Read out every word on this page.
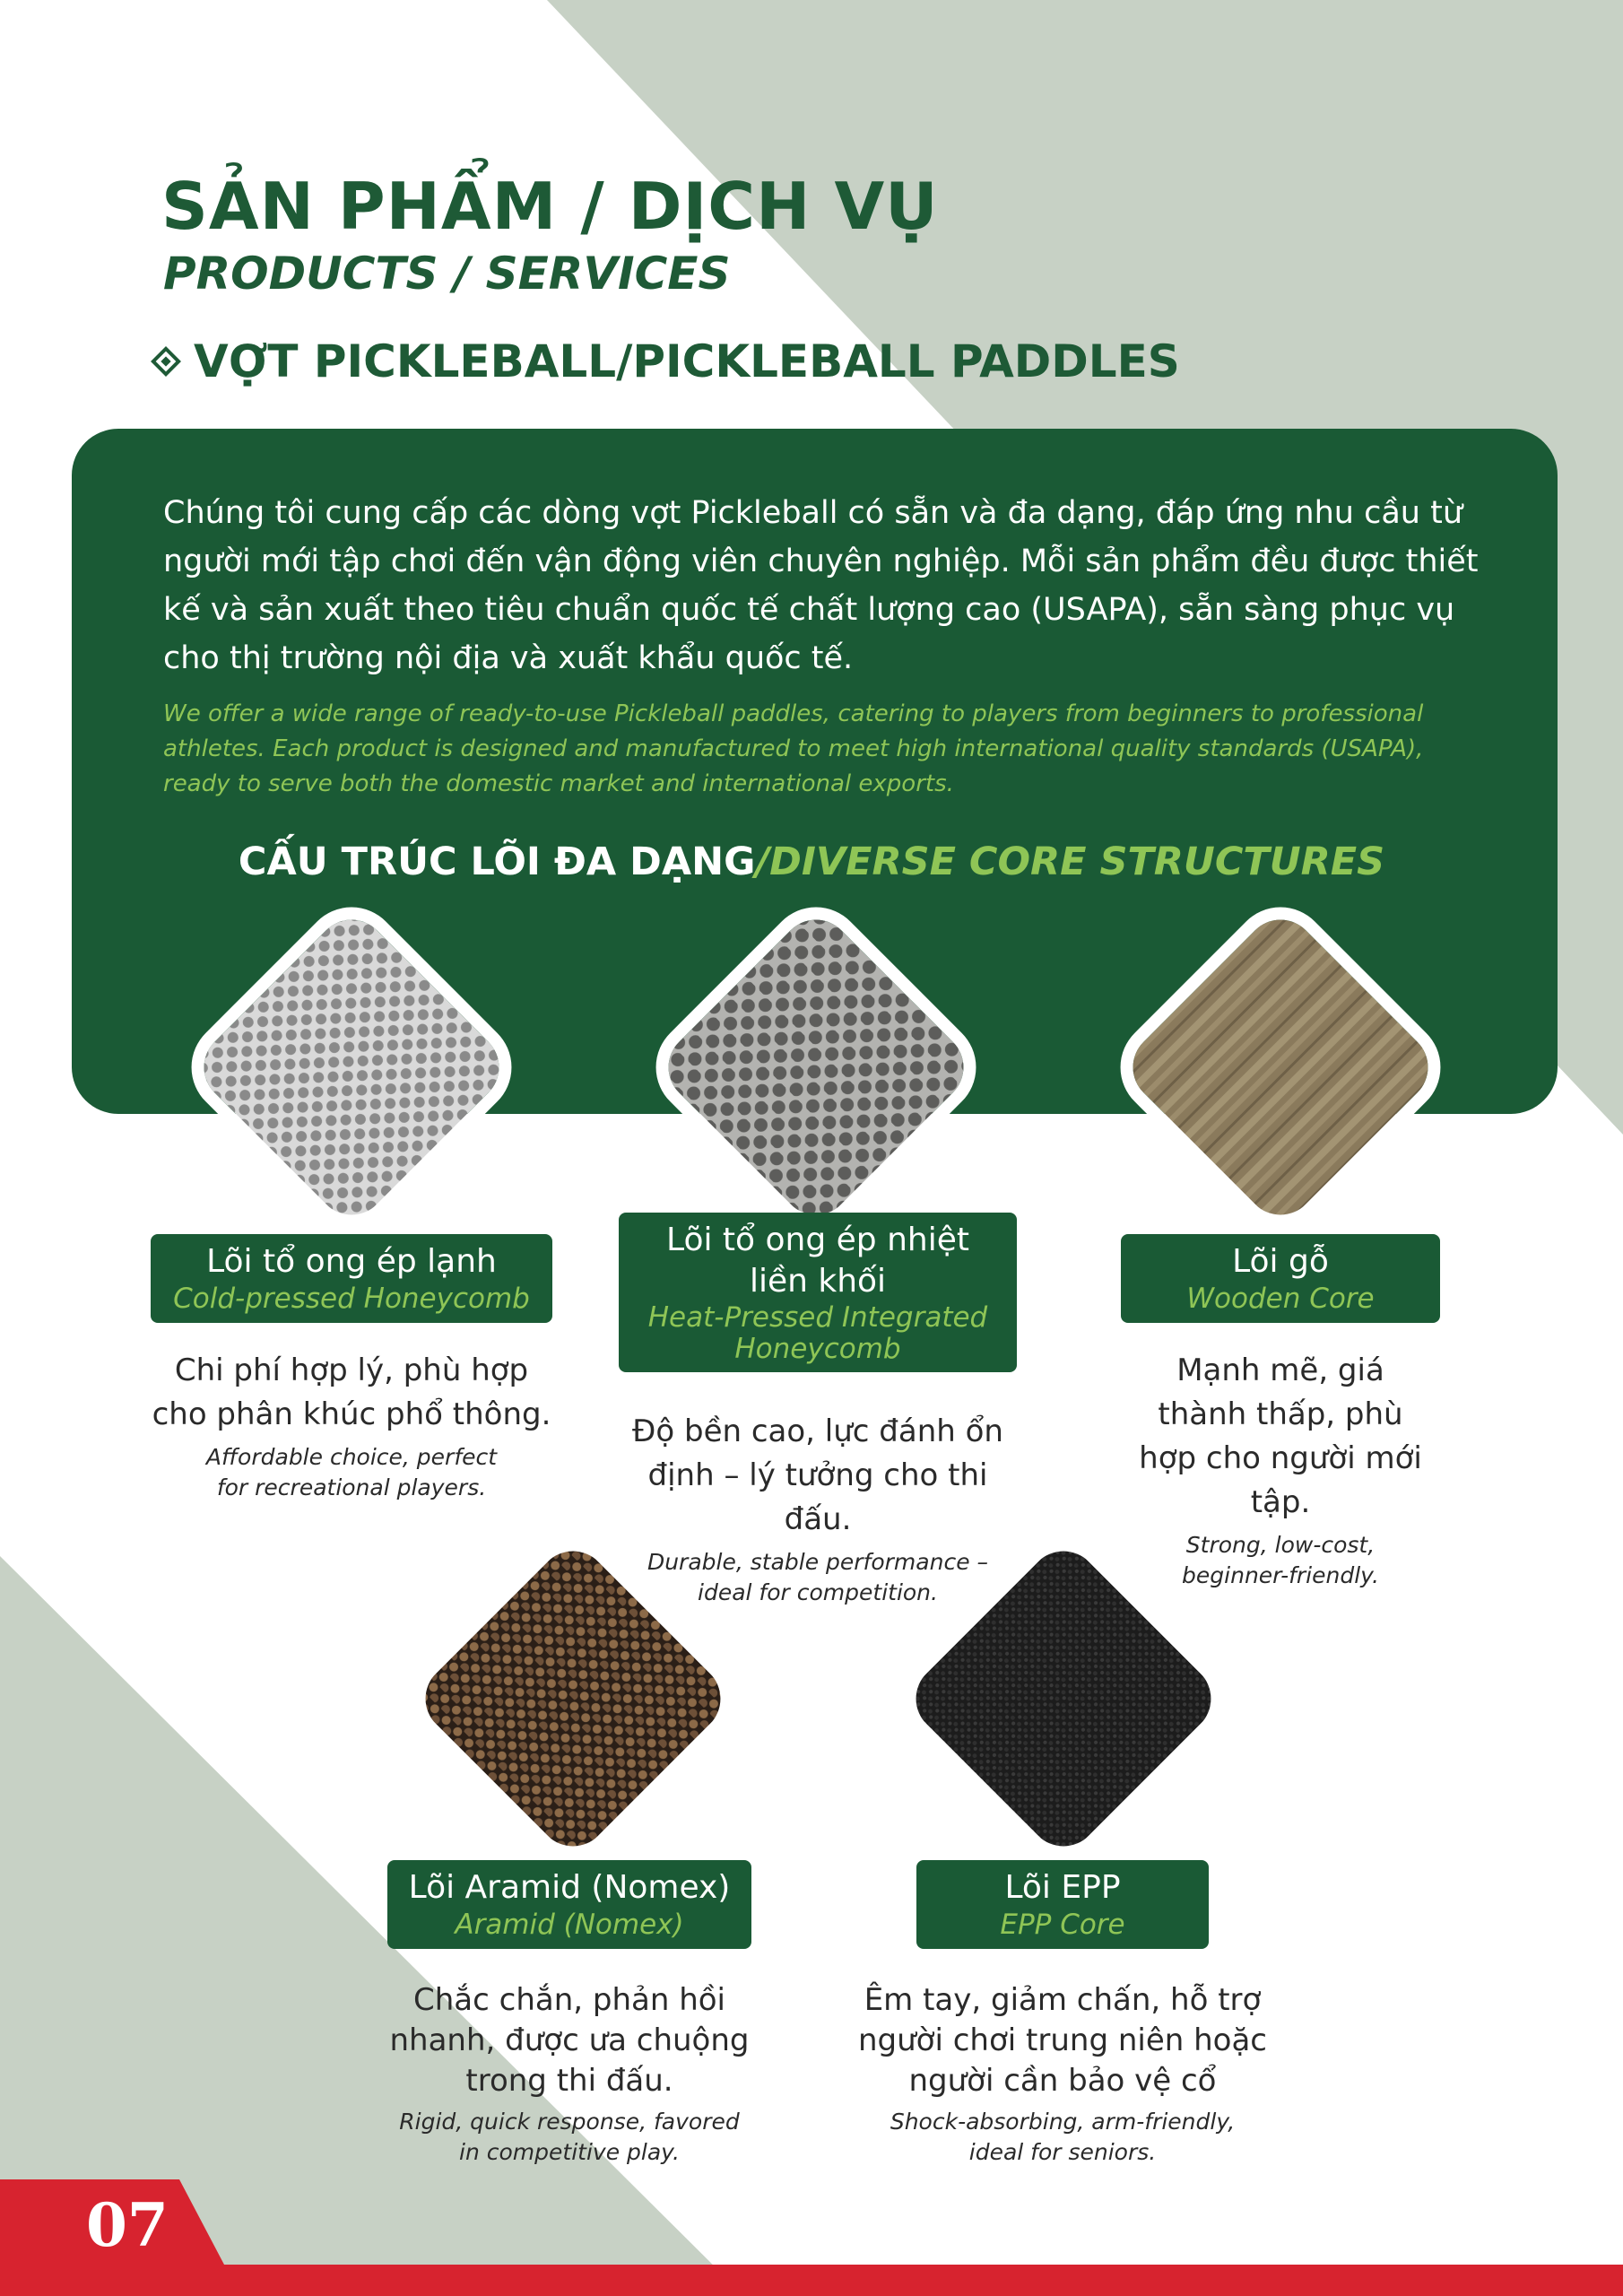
SẢN PHẨM / DỊCH VỤ
PRODUCTS / SERVICES
VỢT PICKLEBALL/PICKLEBALL PADDLES
Chúng tôi cung cấp các dòng vợt Pickleball có sẵn và đa dạng, đáp ứng nhu cầu từ người mới tập chơi đến vận động viên chuyên nghiệp. Mỗi sản phẩm đều được thiết kế và sản xuất theo tiêu chuẩn quốc tế chất lượng cao (USAPA), sẵn sàng phục vụ cho thị trường nội địa và xuất khẩu quốc tế.
We offer a wide range of ready-to-use Pickleball paddles, catering to players from beginners to professional athletes. Each product is designed and manufactured to meet high international quality standards (USAPA), ready to serve both the domestic market and international exports.
CẤU TRÚC LÕI ĐA DẠNG/DIVERSE CORE STRUCTURES
Lõi tổ ong ép lạnh
Cold-pressed Honeycomb
Chi phí hợp lý, phù hợp cho phân khúc phổ thông.
Affordable choice, perfect for recreational players.
Lõi tổ ong ép nhiệt liền khối
Heat-Pressed Integrated Honeycomb
Độ bền cao, lực đánh ổn định – lý tưởng cho thi đấu.
Durable, stable performance – ideal for competition.
Lõi gỗ
Wooden Core
Mạnh mẽ, giá thành thấp, phù hợp cho người mới tập.
Strong, low-cost, beginner-friendly.
Lõi Aramid (Nomex)
Aramid (Nomex)
Chắc chắn, phản hồi nhanh, được ưa chuộng trong thi đấu.
Rigid, quick response, favored in competitive play.
Lõi EPP
EPP Core
Êm tay, giảm chấn, hỗ trợ người chơi trung niên hoặc người cần bảo vệ cổ
Shock-absorbing, arm-friendly, ideal for seniors.
07
